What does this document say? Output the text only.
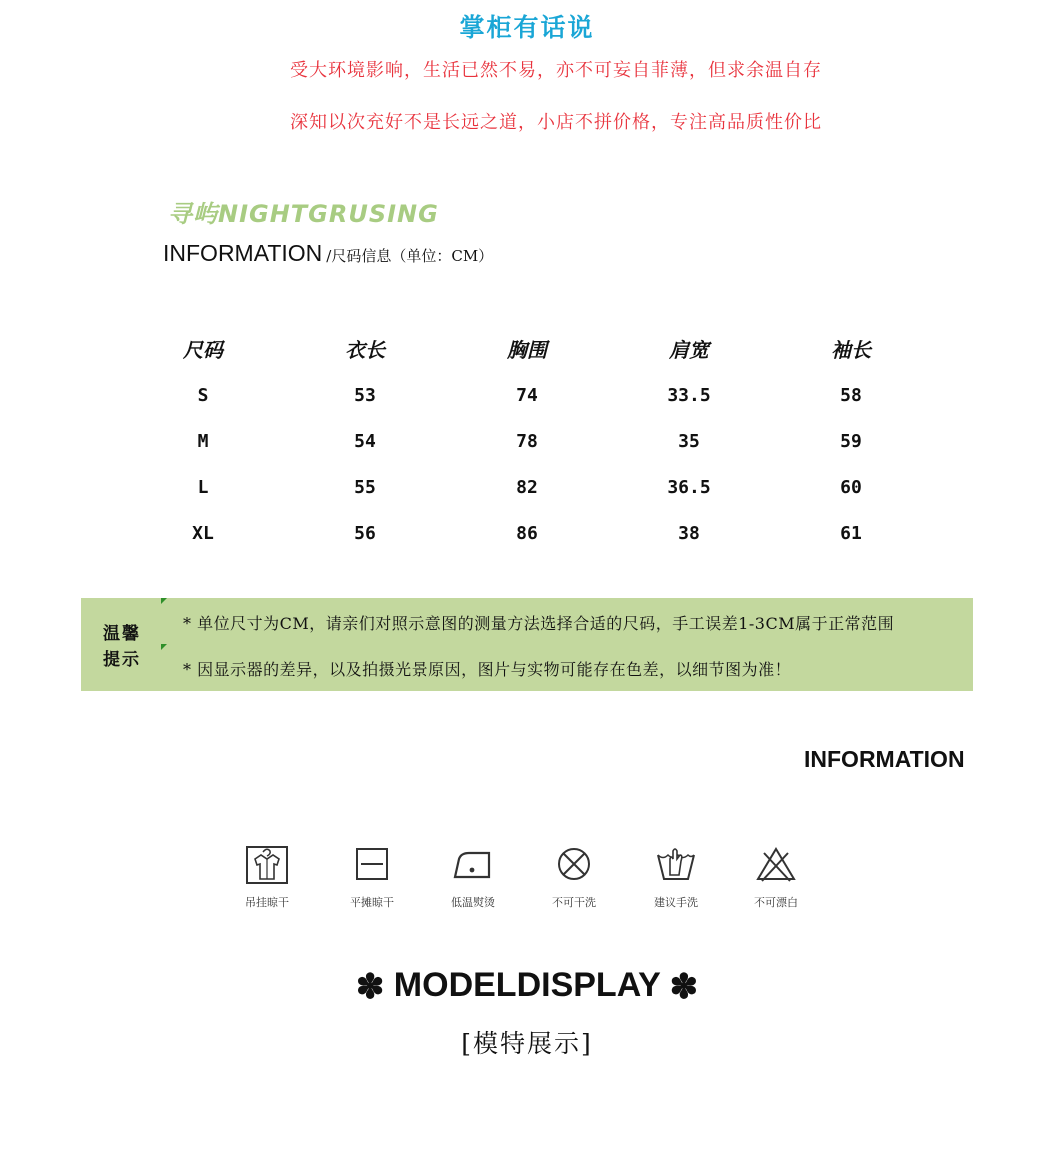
掌柜有话说
受大环境影响，生活已然不易，亦不可妄自菲薄，但求余温自存
深知以次充好不是长远之道，小店不拼价格，专注高品质性价比
寻屿NIGHTGRUSING
INFORMATION /尺码信息（单位：CM）
尺码	衣长	胸围	肩宽	袖长
S	53	74	33.5	58
M	54	78	35	59
L	55	82	36.5	60
XL	56	86	38	61
温馨
提示
* 单位尺寸为CM，请亲们对照示意图的测量方法选择合适的尺码，手工误差1-3CM属于正常范围
* 因显示器的差异，以及拍摄光景原因，图片与实物可能存在色差，以细节图为准！
INFORMATION
吊挂晾干	平摊晾干	低温熨烫	不可干洗	建议手洗	不可漂白
✽ MODELDISPLAY ✽
[模特展示]
